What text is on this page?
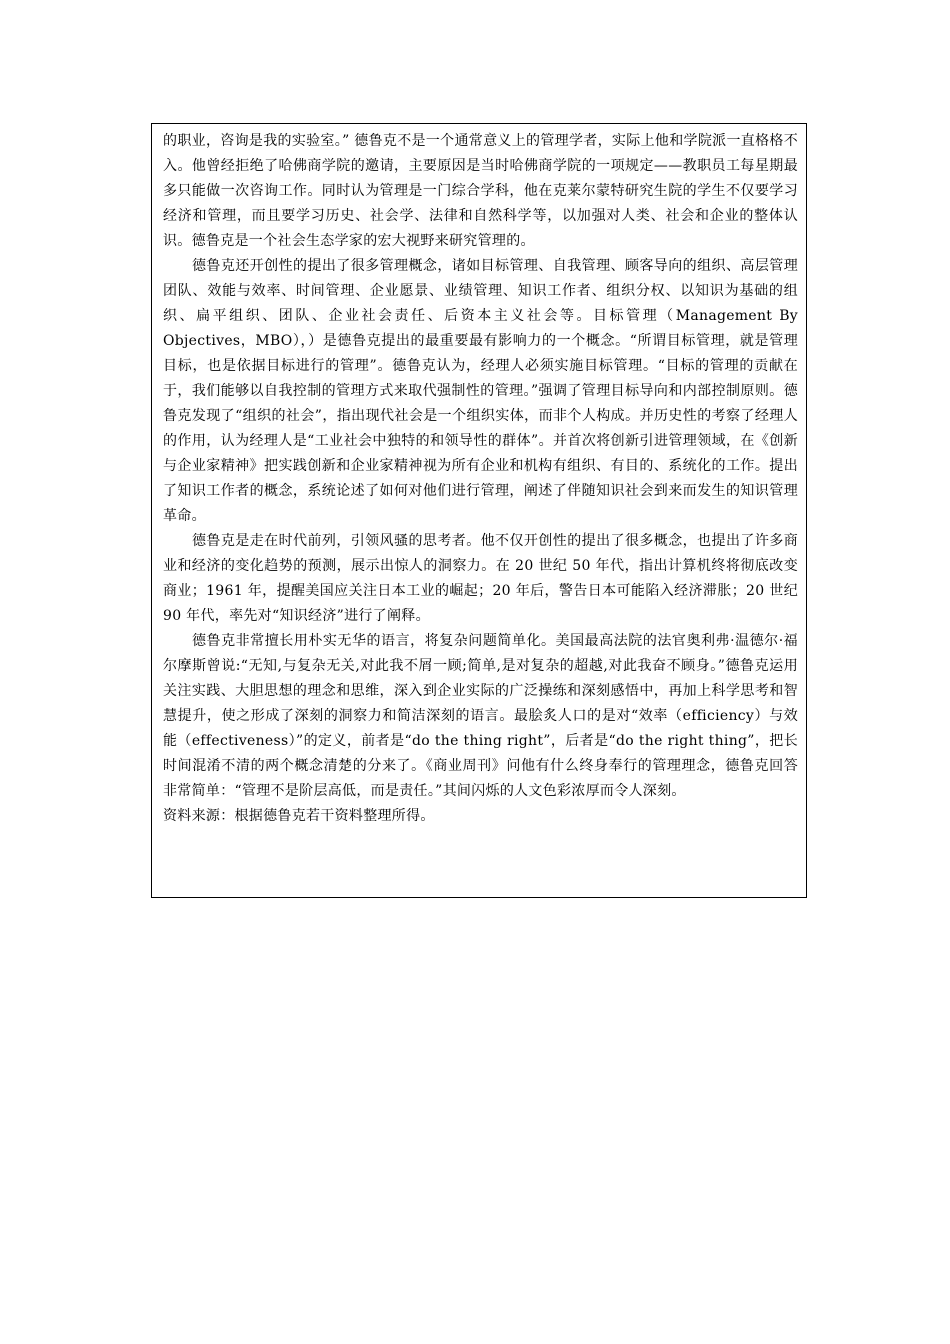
的职业，咨询是我的实验室。” 德鲁克不是一个通常意义上的管理学者，实际上他和学院派一直格格不入。他曾经拒绝了哈佛商学院的邀请，主要原因是当时哈佛商学院的一项规定——教职员工每星期最多只能做一次咨询工作。同时认为管理是一门综合学科，他在克莱尔蒙特研究生院的学生不仅要学习经济和管理，而且要学习历史、社会学、法律和自然科学等，以加强对人类、社会和企业的整体认识。德鲁克是一个社会生态学家的宏大视野来研究管理的。

德鲁克还开创性的提出了很多管理概念，诸如目标管理、自我管理、顾客导向的组织、高层管理团队、效能与效率、时间管理、企业愿景、业绩管理、知识工作者、组织分权、以知识为基础的组织、扁平组织、团队、企业社会责任、后资本主义社会等。目标管理（Management By Objectives，MBO），）是德鲁克提出的最重要最有影响力的一个概念。“所谓目标管理，就是管理目标，也是依据目标进行的管理”。德鲁克认为，经理人必须实施目标管理。“目标的管理的贡献在于，我们能够以自我控制的管理方式来取代强制性的管理。”强调了管理目标导向和内部控制原则。德鲁克发现了“组织的社会”，指出现代社会是一个组织实体，而非个人构成。并历史性的考察了经理人的作用，认为经理人是“工业社会中独特的和领导性的群体”。并首次将创新引进管理领域，在《创新与企业家精神》把实践创新和企业家精神视为所有企业和机构有组织、有目的、系统化的工作。提出了知识工作者的概念，系统论述了如何对他们进行管理，阐述了伴随知识社会到来而发生的知识管理革命。

德鲁克是走在时代前列，引领风骚的思考者。他不仅开创性的提出了很多概念，也提出了许多商业和经济的变化趋势的预测，展示出惊人的洞察力。在 20 世纪 50 年代，指出计算机终将彻底改变商业；1961 年，提醒美国应关注日本工业的崛起；20 年后，警告日本可能陷入经济滞胀；20 世纪 90 年代，率先对“知识经济”进行了阐释。

德鲁克非常擅长用朴实无华的语言，将复杂问题简单化。美国最高法院的法官奥利弗·温德尔·福尔摩斯曾说:“无知,与复杂无关,对此我不屑一顾;简单,是对复杂的超越,对此我奋不顾身。”德鲁克运用关注实践、大胆思想的理念和思维，深入到企业实际的广泛操练和深刻感悟中，再加上科学思考和智慧提升，使之形成了深刻的洞察力和简洁深刻的语言。最脍炙人口的是对“效率（efficiency）与效能（effectiveness）”的定义，前者是“do the thing right”，后者是“do the right thing”，把长时间混淆不清的两个概念清楚的分来了。《商业周刊》问他有什么终身奉行的管理理念，德鲁克回答非常简单：“管理不是阶层高低，而是责任。”其间闪烁的人文色彩浓厚而令人深刻。

资料来源：根据德鲁克若干资料整理所得。
